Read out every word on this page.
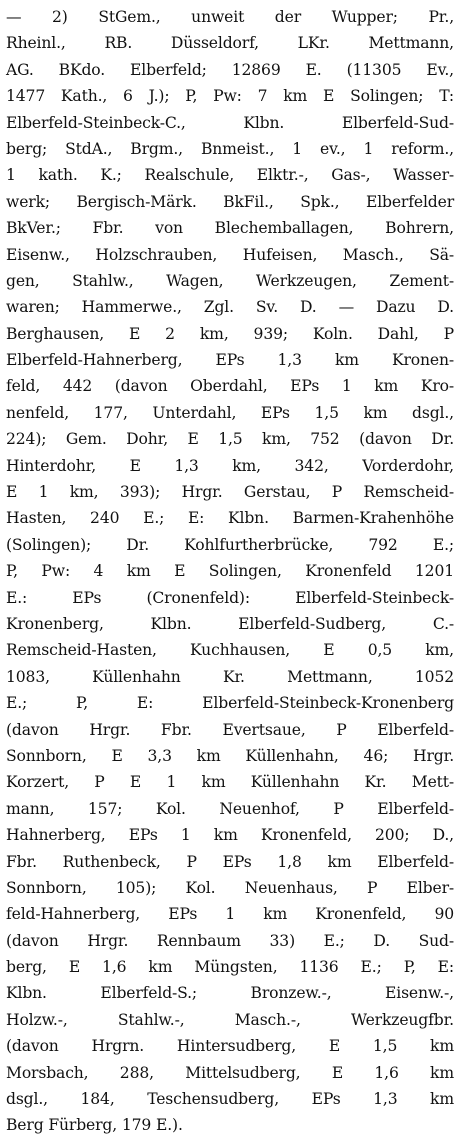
— 2) StGem., unweit der Wupper; Pr.,
Rheinl., RB. Düsseldorf, LKr. Mettmann,
AG. BKdo. Elberfeld; 12869 E. (11305 Ev.,
1477 Kath., 6 J.); P, Pw: 7 km E Solingen; T:
Elberfeld-Steinbeck-C., Klbn. Elberfeld-Sud-
berg; StdA., Brgm., Bnmeist., 1 ev., 1 reform.,
1 kath. K.; Realschule, Elktr.-, Gas-, Wasser-
werk; Bergisch-Märk. BkFil., Spk., Elberfelder
BkVer.; Fbr. von Blechemballagen, Bohrern,
Eisenw., Holzschrauben, Hufeisen, Masch., Sä-
gen, Stahlw., Wagen, Werkzeugen, Zement-
waren; Hammerwe., Zgl. Sv. D. — Dazu D.
Berghausen, E 2 km, 939; Koln. Dahl, P
Elberfeld-Hahnerberg, EPs 1,3 km Kronen-
feld, 442 (davon Oberdahl, EPs 1 km Kro-
nenfeld, 177, Unterdahl, EPs 1,5 km dsgl.,
224); Gem. Dohr, E 1,5 km, 752 (davon Dr.
Hinterdohr, E 1,3 km, 342, Vorderdohr,
E 1 km, 393); Hrgr. Gerstau, P Remscheid-
Hasten, 240 E.; E: Klbn. Barmen-Krahenhöhe
(Solingen); Dr. Kohlfurtherbrücke, 792 E.;
P, Pw: 4 km E Solingen, Kronenfeld 1201
E.: EPs (Cronenfeld): Elberfeld-Steinbeck-
Kronenberg, Klbn. Elberfeld-Sudberg, C.-
Remscheid-Hasten, Kuchhausen, E 0,5 km,
1083, Küllenhahn Kr. Mettmann, 1052
E.; P, E: Elberfeld-Steinbeck-Kronenberg
(davon Hrgr. Fbr. Evertsaue, P Elberfeld-
Sonnborn, E 3,3 km Küllenhahn, 46; Hrgr.
Korzert, P E 1 km Küllenhahn Kr. Mett-
mann, 157; Kol. Neuenhof, P Elberfeld-
Hahnerberg, EPs 1 km Kronenfeld, 200; D.,
Fbr. Ruthenbeck, P EPs 1,8 km Elberfeld-
Sonnborn, 105); Kol. Neuenhaus, P Elber-
feld-Hahnerberg, EPs 1 km Kronenfeld, 90
(davon Hrgr. Rennbaum 33) E.; D. Sud-
berg, E 1,6 km Müngsten, 1136 E.; P, E:
Klbn. Elberfeld-S.; Bronzew.-, Eisenw.-,
Holzw.-, Stahlw.-, Masch.-, Werkzeugfbr.
(davon Hrgrn. Hintersudberg, E 1,5 km
Morsbach, 288, Mittelsudberg, E 1,6 km
dsgl., 184, Teschensudberg, EPs 1,3 km
Berg Fürberg, 179 E.).
